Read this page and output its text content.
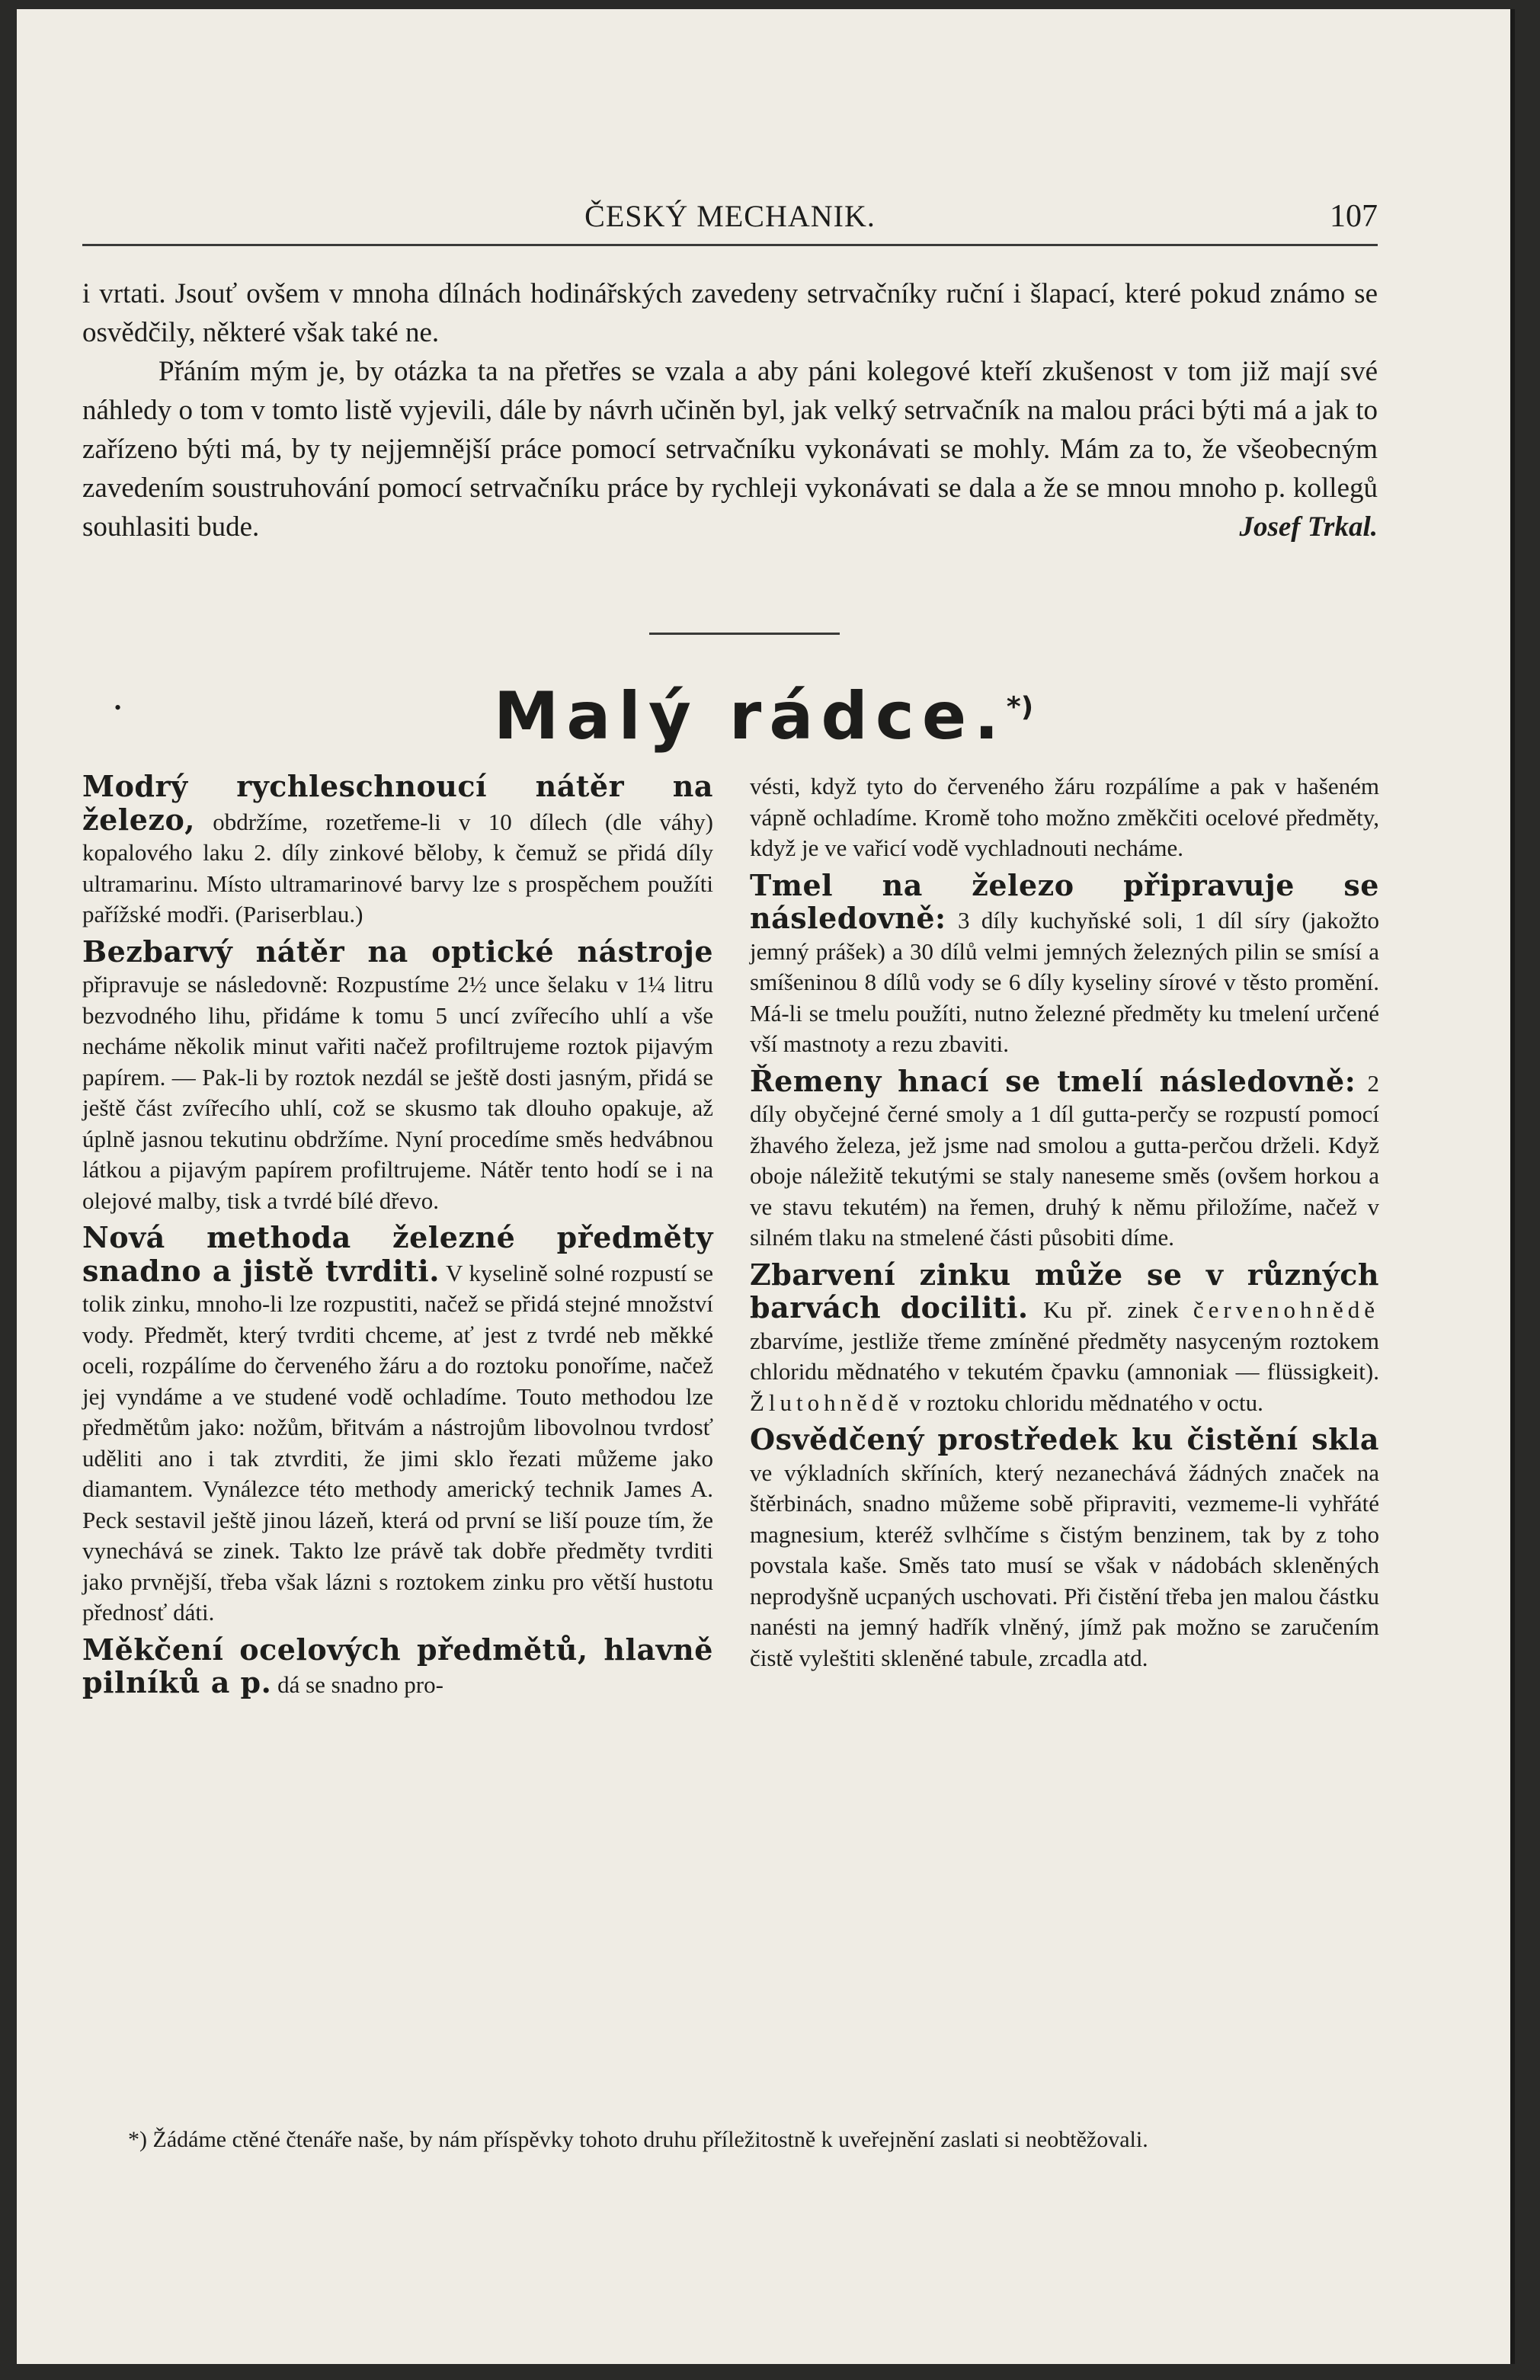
ČESKÝ MECHANIK.	107

i vrtati. Jsouť ovšem v mnoha dílnách hodinářských zavedeny setrvačníky ruční i šlapací, které pokud známo se osvědčily, některé však také ne.

Přáním mým je, by otázka ta na přetřes se vzala a aby páni kolegové kteří zkušenost v tom již mají své náhledy o tom v tomto listě vyjevili, dále by návrh učiněn byl, jak velký setrvačník na malou práci býti má a jak to zařízeno býti má, by ty nejjemnější práce pomocí setrvačníku vykonávati se mohly. Mám za to, že všeobecným zavedením soustruhování pomocí setrvačníku práce by rychleji vykonávati se dala a že se mnou mnoho p. kollegů souhlasiti bude.	Josef Trkal.

•	Malý rádce.*)

Modrý rychleschnoucí nátěr na železo, obdržíme, rozetřeme-li v 10 dílech (dle váhy) kopalového laku 2. díly zinkové běloby, k čemuž se přidá díly ultramarinu. Místo ultramarinové barvy lze s prospěchem použíti pařížské modři. (Pariserblau.)

Bezbarvý nátěr na optické nástroje připravuje se následovně: Rozpustíme 2½ unce šelaku v 1¼ litru bezvodného lihu, přidáme k tomu 5 uncí zvířecího uhlí a vše necháme několik minut vařiti načež profiltrujeme roztok pijavým papírem. — Pak-li by roztok nezdál se ještě dosti jasným, přidá se ještě část zvířecího uhlí, což se skusmo tak dlouho opakuje, až úplně jasnou tekutinu obdržíme. Nyní procedíme směs hedvábnou látkou a pijavým papírem profiltrujeme. Nátěr tento hodí se i na olejové malby, tisk a tvrdé bílé dřevo.

Nová methoda železné předměty snadno a jistě tvrditi. V kyselině solné rozpustí se tolik zinku, mnoho-li lze rozpustiti, načež se přidá stejné množství vody. Předmět, který tvrditi chceme, ať jest z tvrdé neb měkké oceli, rozpálíme do červeného žáru a do roztoku ponoříme, načež jej vyndáme a ve studené vodě ochladíme. Touto methodou lze předmětům jako: nožům, břitvám a nástrojům libovolnou tvrdosť uděliti ano i tak ztvrditi, že jimi sklo řezati můžeme jako diamantem. Vynálezce této methody americký technik James A. Peck sestavil ještě jinou lázeň, která od první se liší pouze tím, že vynechává se zinek. Takto lze právě tak dobře předměty tvrditi jako prvnější, třeba však lázni s roztokem zinku pro větší hustotu přednosť dáti.

Měkčení ocelových předmětů, hlavně pilníků a p. dá se snadno pro-

vésti, když tyto do červeného žáru rozpálíme a pak v hašeném vápně ochladíme. Kromě toho možno změkčiti ocelové předměty, když je ve vařicí vodě vychladnouti necháme.

Tmel na železo připravuje se následovně: 3 díly kuchyňské soli, 1 díl síry (jakožto jemný prášek) a 30 dílů velmi jemných železných pilin se smísí a smíšeninou 8 dílů vody se 6 díly kyseliny sírové v těsto promění. Má-li se tmelu použíti, nutno železné předměty ku tmelení určené vší mastnoty a rezu zbaviti.

Řemeny hnací se tmelí následovně: 2 díly obyčejné černé smoly a 1 díl gutta-perčy se rozpustí pomocí žhavého železa, jež jsme nad smolou a gutta-perčou drželi. Když oboje náležitě tekutými se staly naneseme směs (ovšem horkou a ve stavu tekutém) na řemen, druhý k němu přiložíme, načež v silném tlaku na stmelené části působiti díme.

Zbarvení zinku může se v různých barvách dociliti. Ku př. zinek červenohnědě zbarvíme, jestliže třeme zmíněné předměty nasyceným roztokem chloridu mědnatého v tekutém čpavku (amnoniak — flüssigkeit). Žlutohnědě v roztoku chloridu mědnatého v octu.

Osvědčený prostředek ku čistění skla ve výkladních skříních, který nezanechává žádných značek na štěrbinách, snadno můžeme sobě připraviti, vezmeme-li vyhřáté magnesium, kteréž svlhčíme s čistým benzinem, tak by z toho povstala kaše. Směs tato musí se však v nádobách skleněných neprodyšně ucpaných uschovati. Při čistění třeba jen malou částku nanésti na jemný hadřík vlněný, jímž pak možno se zaručením čistě vyleštiti skleněné tabule, zrcadla atd.

*) Žádáme ctěné čtenáře naše, by nám příspěvky tohoto druhu příležitostně k uveřejnění zaslati si neobtěžovali.
